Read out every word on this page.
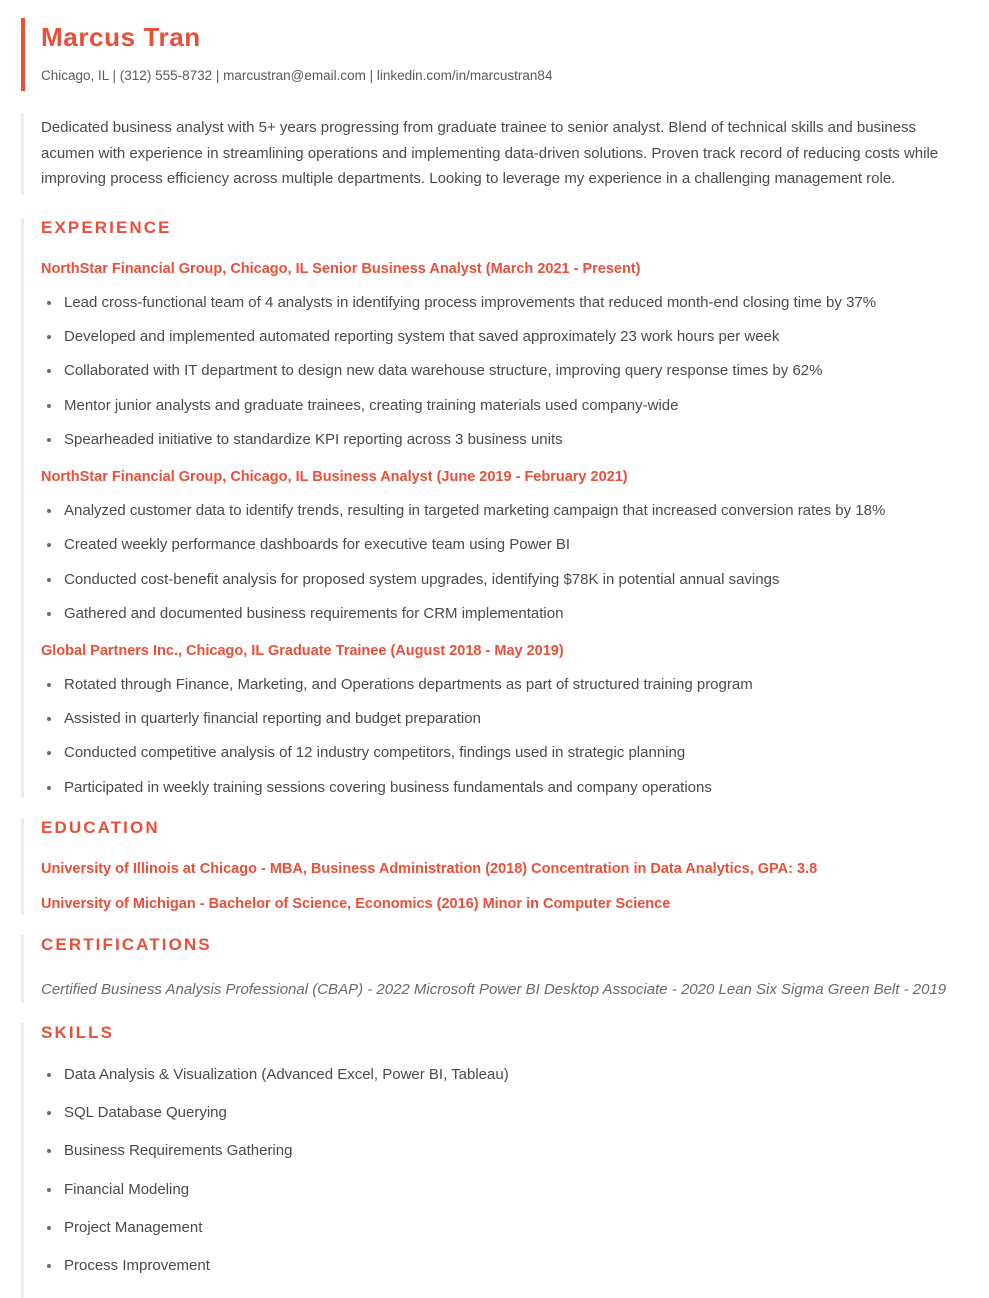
Marcus Tran
Chicago, IL | (312) 555-8732 | marcustran@email.com | linkedin.com/in/marcustran84

Dedicated business analyst with 5+ years progressing from graduate trainee to senior analyst. Blend of technical skills and business acumen with experience in streamlining operations and implementing data-driven solutions. Proven track record of reducing costs while improving process efficiency across multiple departments. Looking to leverage my experience in a challenging management role.

EXPERIENCE
NorthStar Financial Group, Chicago, IL Senior Business Analyst (March 2021 - Present)
Lead cross-functional team of 4 analysts in identifying process improvements that reduced month-end closing time by 37%
Developed and implemented automated reporting system that saved approximately 23 work hours per week
Collaborated with IT department to design new data warehouse structure, improving query response times by 62%
Mentor junior analysts and graduate trainees, creating training materials used company-wide
Spearheaded initiative to standardize KPI reporting across 3 business units
NorthStar Financial Group, Chicago, IL Business Analyst (June 2019 - February 2021)
Analyzed customer data to identify trends, resulting in targeted marketing campaign that increased conversion rates by 18%
Created weekly performance dashboards for executive team using Power BI
Conducted cost-benefit analysis for proposed system upgrades, identifying $78K in potential annual savings
Gathered and documented business requirements for CRM implementation
Global Partners Inc., Chicago, IL Graduate Trainee (August 2018 - May 2019)
Rotated through Finance, Marketing, and Operations departments as part of structured training program
Assisted in quarterly financial reporting and budget preparation
Conducted competitive analysis of 12 industry competitors, findings used in strategic planning
Participated in weekly training sessions covering business fundamentals and company operations
EDUCATION

University of Illinois at Chicago - MBA, Business Administration (2018) Concentration in Data Analytics, GPA: 3.8

University of Michigan - Bachelor of Science, Economics (2016) Minor in Computer Science

CERTIFICATIONS

Certified Business Analysis Professional (CBAP) - 2022 Microsoft Power BI Desktop Associate - 2020 Lean Six Sigma Green Belt - 2019

SKILLS
Data Analysis & Visualization (Advanced Excel, Power BI, Tableau)
SQL Database Querying
Business Requirements Gathering
Financial Modeling
Project Management
Process Improvement
